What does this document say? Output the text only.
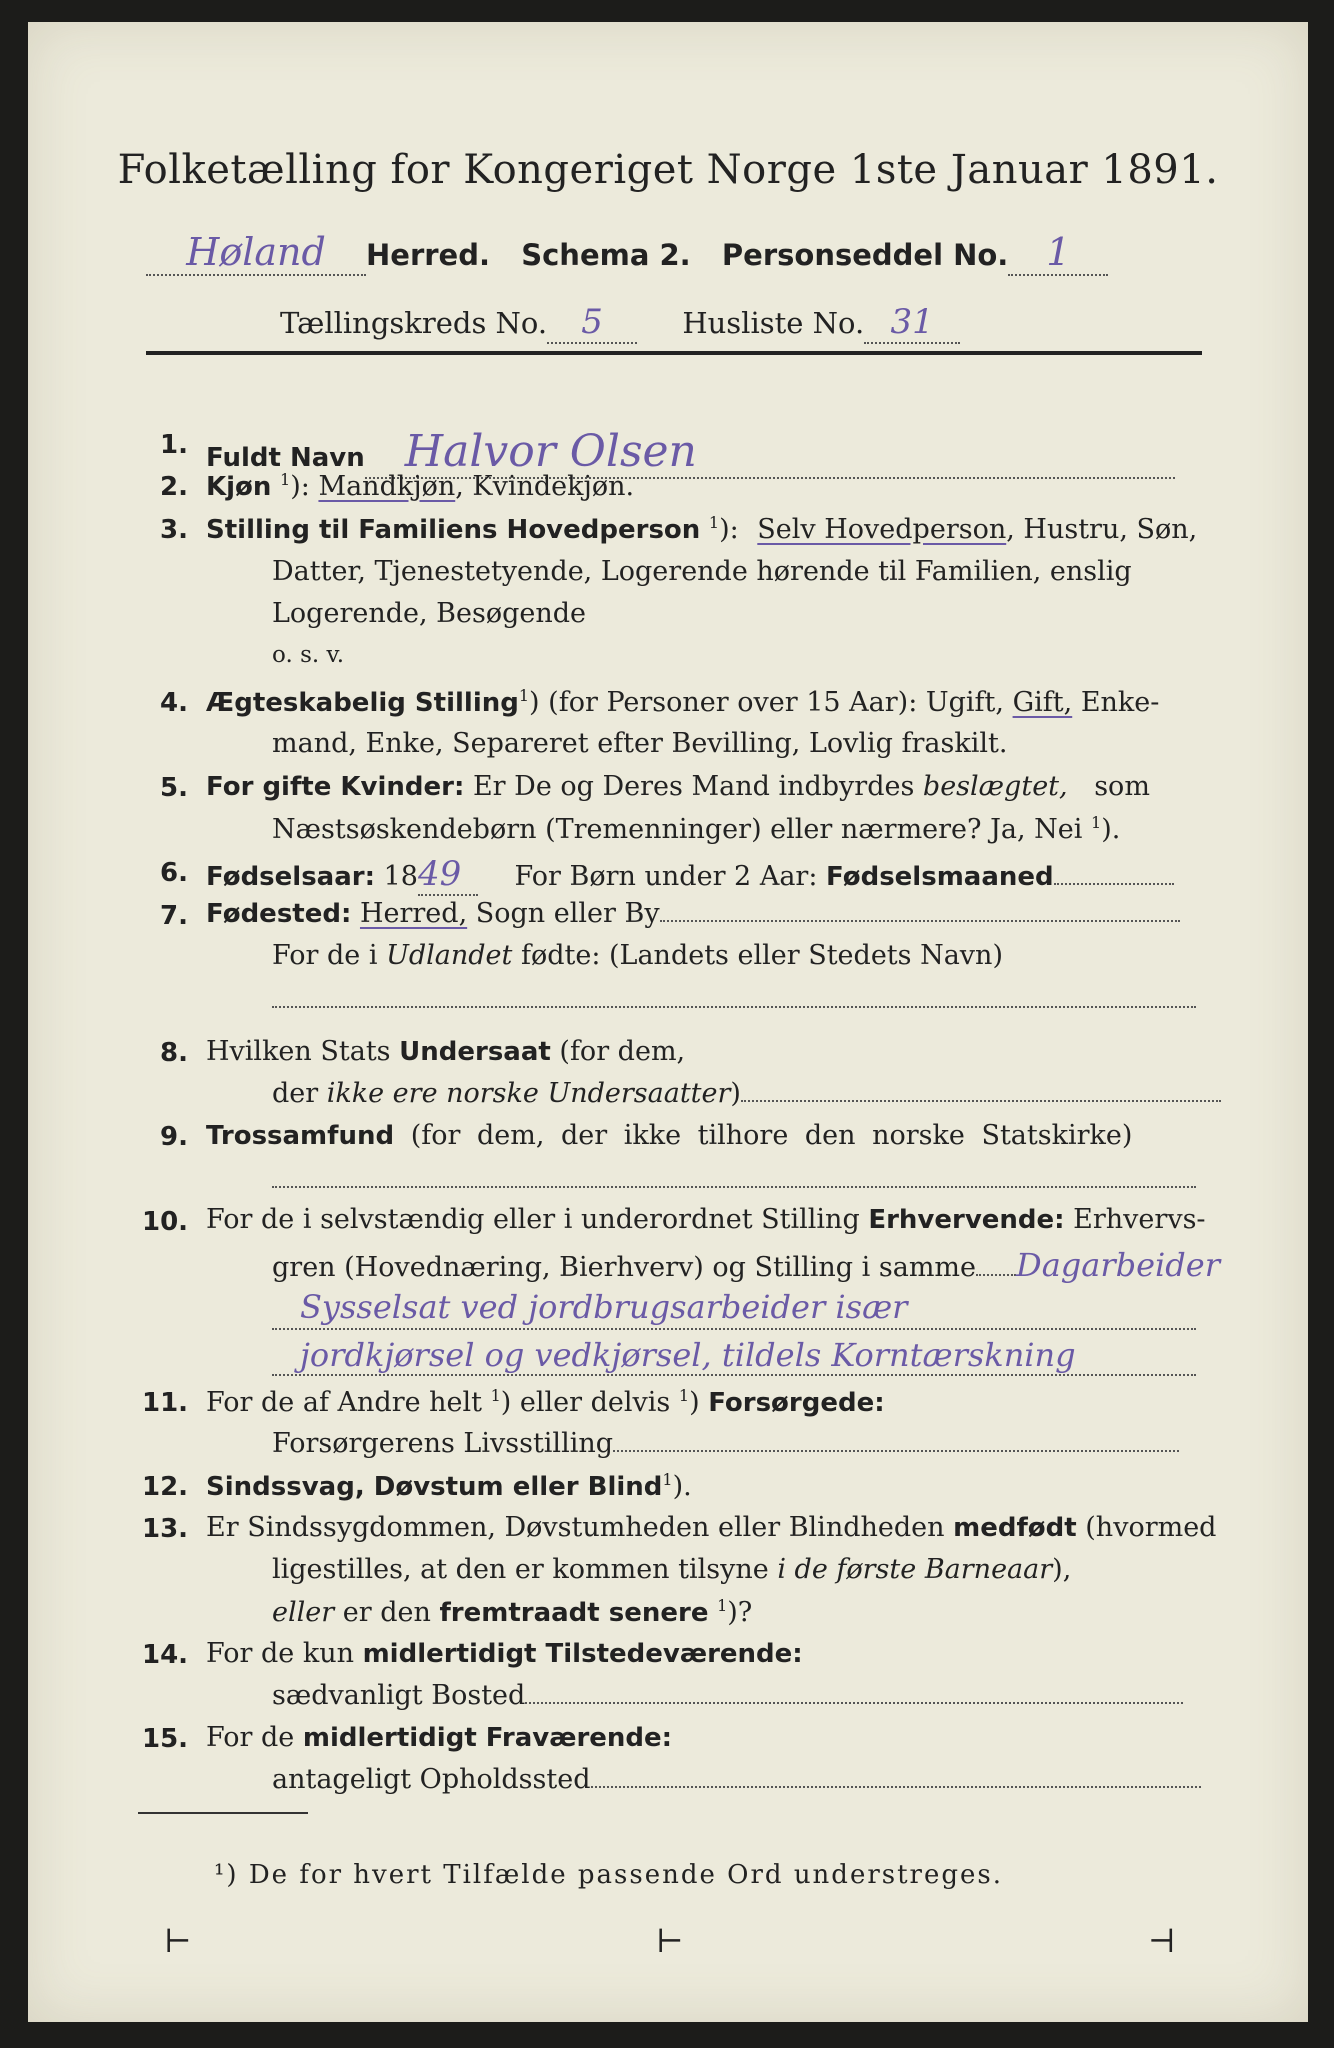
Folketælling for Kongeriget Norge 1ste Januar 1891.
Høland Herred. Schema 2. Personseddel No. 1
Tællingskreds No. 5	Husliste No. 31
1. Fuldt Navn Halvor Olsen
2. Kjøn $^1$): Mandkjøn, Kvindekjøn.
3. Stilling til Familiens Hovedperson $^1$): Selv Hovedperson, Hustru, Søn,
Datter, Tjenestetyende, Logerende hørende til Familien, enslig
Logerende, Besøgende
o. s. v.
4. Ægteskabelig Stilling$^1$) (for Personer over 15 Aar): Ugift, Gift, Enke-
mand, Enke, Separeret efter Bevilling, Lovlig fraskilt.
5. For gifte Kvinder: Er De og Deres Mand indbyrdes beslægtet, som
Næstsøskendebørn (Tremenninger) eller nærmere? Ja, Nei $^1$).
6. Fødselsaar: 1849 For Børn under 2 Aar: Fødselsmaaned
7. Fødested: Herred, Sogn eller By
For de i Udlandet fødte: (Landets eller Stedets Navn)
8. Hvilken Stats Undersaat (for dem,
der ikke ere norske Undersaatter)
9. Trossamfund (for dem, der ikke tilhore den norske Statskirke)
10. For de i selvstændig eller i underordnet Stilling Erhvervende: Erhvervs-
gren (Hovednæring, Bierhverv) og Stilling i samme Dagarbeider
Sysselsat ved jordbrugsarbeider især
jordkjørsel og vedkjørsel, tildels Korntærskning
11. For de af Andre helt $^1$) eller delvis $^1$) Forsørgede:
Forsørgerens Livsstilling
12. Sindssvag, Døvstum eller Blind$^1$).
13. Er Sindssygdommen, Døvstumheden eller Blindheden medfødt (hvormed
ligestilles, at den er kommen tilsyne i de første Barneaar),
eller er den fremtraadt senere $^1$)?
14. For de kun midlertidigt Tilstedeværende:
sædvanligt Bosted
15. For de midlertidigt Fraværende:
antageligt Opholdssted
¹) De for hvert Tilfælde passende Ord understreges.
⊢	⊢	⊣
